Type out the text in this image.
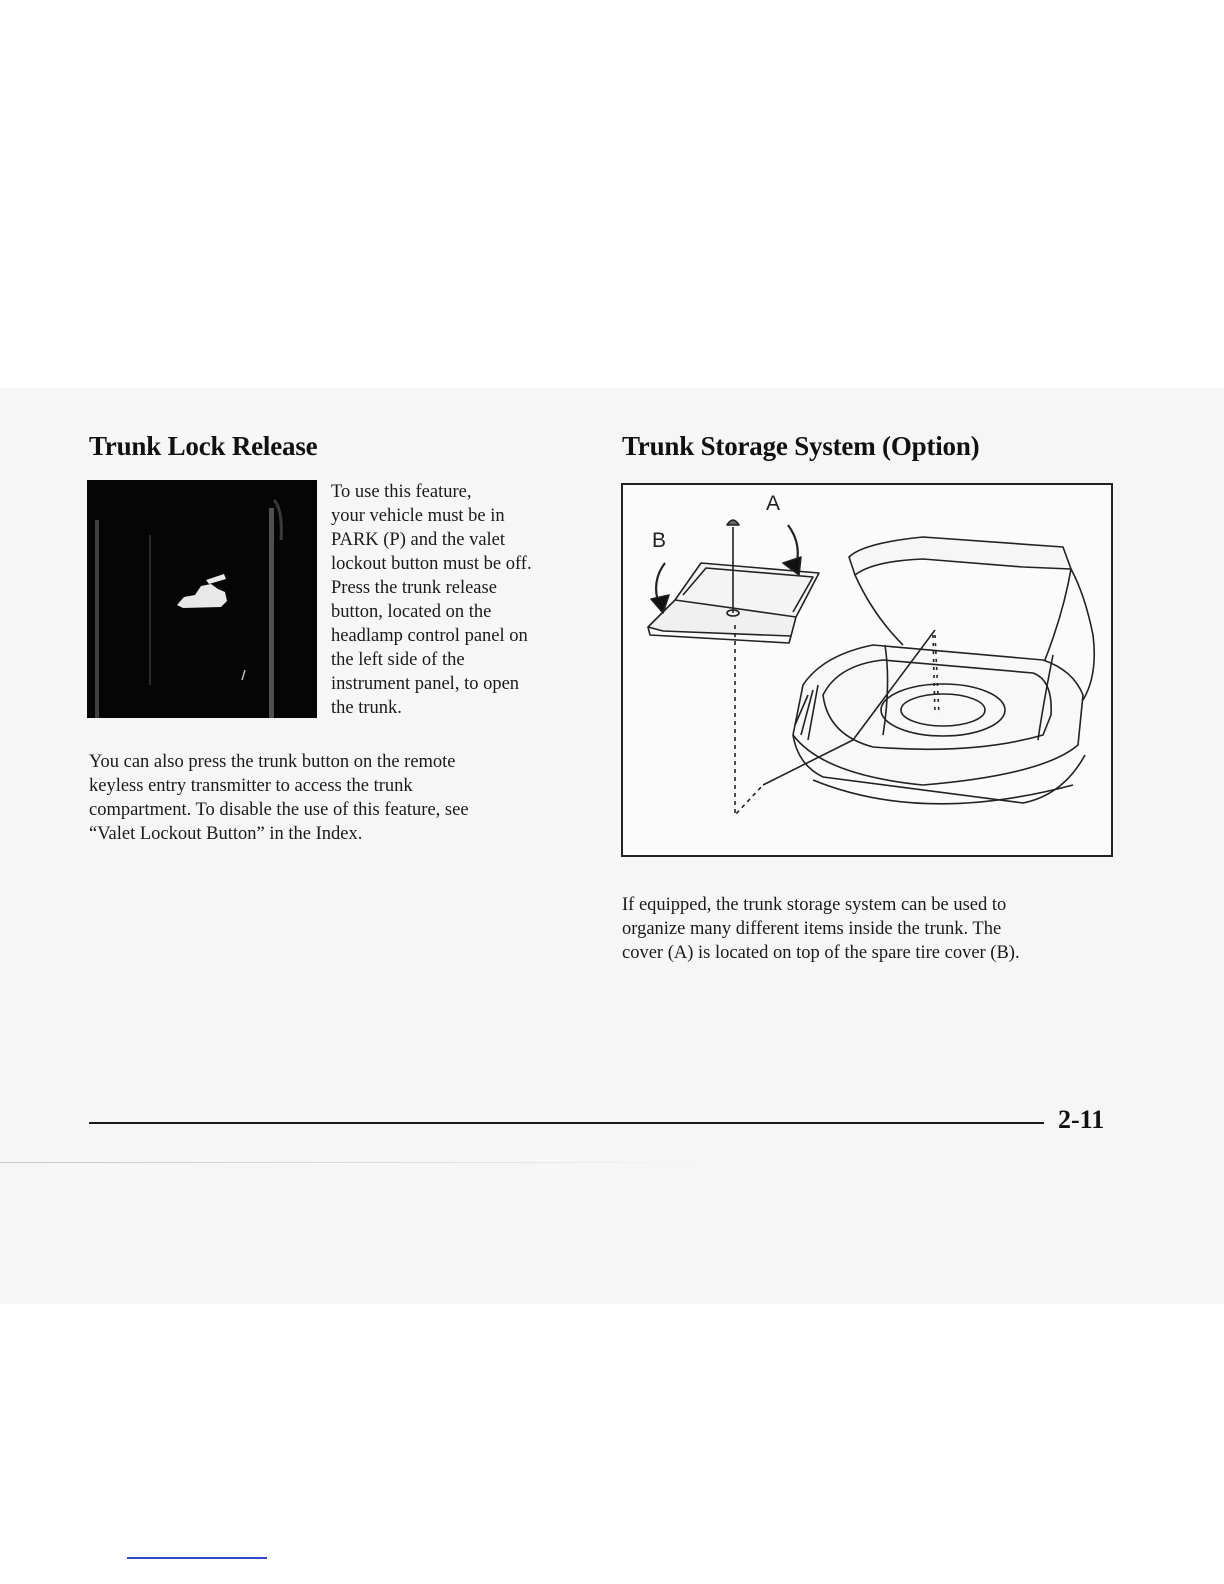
Trunk Lock Release	Trunk Storage System (Option)

To use this feature,
your vehicle must be in
PARK (P) and the valet
lockout button must be off.
Press the trunk release
button, located on the
headlamp control panel on
the left side of the
instrument panel, to open
the trunk.

You can also press the trunk button on the remote
keyless entry transmitter to access the trunk
compartment. To disable the use of this feature, see
“Valet Lockout Button” in the Index.

A
B

If equipped, the trunk storage system can be used to
organize many different items inside the trunk. The
cover (A) is located on top of the spare tire cover (B).

2-11
